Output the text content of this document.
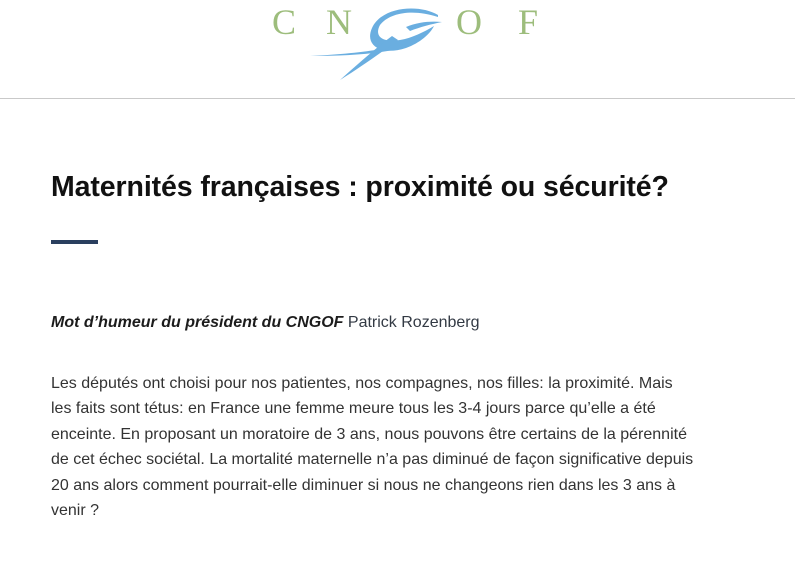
C N	O F
Maternités françaises : proximité ou sécurité?

Mot d’humeur du président du CNGOF Patrick Rozenberg

Les députés ont choisi pour nos patientes, nos compagnes, nos filles: la proximité. Mais
les faits sont tétus: en France une femme meure tous les 3-4 jours parce qu’elle a été
enceinte. En proposant un moratoire de 3 ans, nous pouvons être certains de la pérennité
de cet échec sociétal. La mortalité maternelle n’a pas diminué de façon significative depuis
20 ans alors comment pourrait-elle diminuer si nous ne changeons rien dans les 3 ans à
venir ?
